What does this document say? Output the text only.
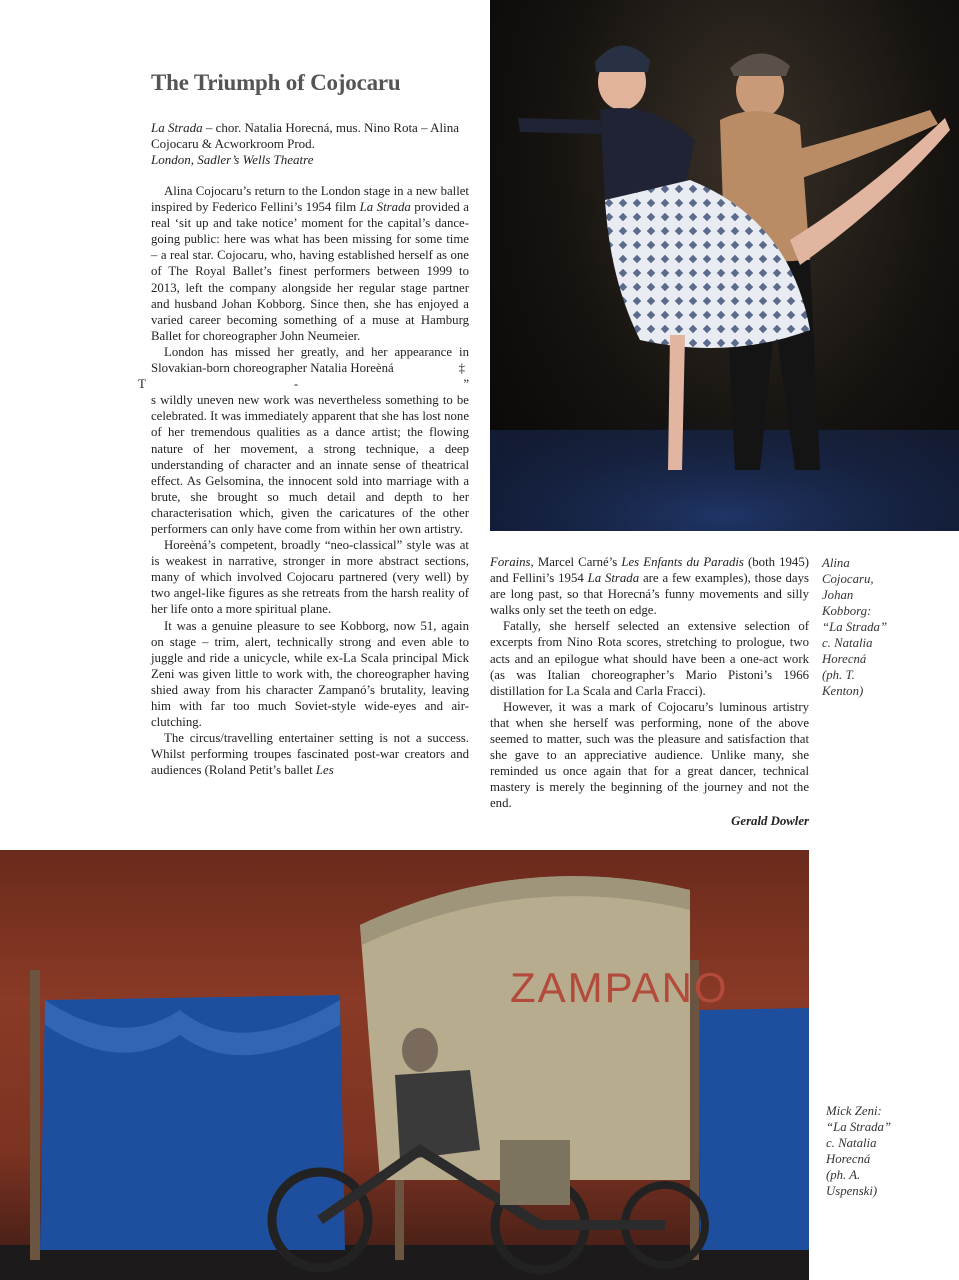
The Triumph of Cojocaru
La Strada – chor. Natalia Horecná, mus. Nino Rota – Alina Cojocaru & Acworkroom Prod.
London, Sadler’s Wells Theatre

Alina Cojocaru’s return to the London stage in a new ballet inspired by Federico Fellini’s 1954 film La Strada provided a real ‘sit up and take notice’ moment for the capital’s dance-going public: here was what has been missing for some time – a real star. Cojocaru, who, having established herself as one of The Royal Ballet’s finest performers between 1999 to 2013, left the company alongside her regular stage partner and husband Johan Kobborg. Since then, she has enjoyed a varied career becoming something of a muse at Hamburg Ballet for choreographer John Neumeier.

London has missed her greatly, and her appearance in Slovakian-born choreographer Natalia Horeèná	‡

T	-	”

s wildly uneven new work was nevertheless something to be celebrated. It was immediately apparent that she has lost none of her tremendous qualities as a dance artist; the flowing nature of her movement, a strong technique, a deep understanding of character and an innate sense of theatrical effect. As Gelsomina, the innocent sold into marriage with a brute, she brought so much detail and depth to her characterisation which, given the caricatures of the other performers can only have come from within her own artistry.

Horeèná’s competent, broadly “neo-classical” style was at is weakest in narrative, stronger in more abstract sections, many of which involved Cojocaru partnered (very well) by two angel-like figures as she retreats from the harsh reality of her life onto a more spiritual plane.

It was a genuine pleasure to see Kobborg, now 51, again on stage – trim, alert, technically strong and even able to juggle and ride a unicycle, while ex-La Scala principal Mick Zeni was given little to work with, the choreographer having shied away from his character Zampanó’s brutality, leaving him with far too much Soviet-style wide-eyes and air-clutching.

The circus/travelling entertainer setting is not a success. Whilst performing troupes fascinated post-war creators and audiences (Roland Petit’s ballet Les

Forains, Marcel Carné’s Les Enfants du Paradis (both 1945) and Fellini’s 1954 La Strada are a few examples), those days are long past, so that Horecná’s funny movements and silly walks only set the teeth on edge.

Fatally, she herself selected an extensive selection of excerpts from Nino Rota scores, stretching to prologue, two acts and an epilogue what should have been a one-act work (as was Italian choreographer’s Mario Pistoni’s 1966 distillation for La Scala and Carla Fracci).

However, it was a mark of Cojocaru’s luminous artistry that when she herself was performing, none of the above seemed to matter, such was the pleasure and satisfaction that she gave to an appreciative audience. Unlike many, she reminded us once again that for a great dancer, technical mastery is merely the beginning of the journey and not the end.

Gerald Dowler
Alina
Cojocaru,
Johan
Kobborg:
“La Strada”
c. Natalia
Horecná
(ph. T.
Kenton)
Mick Zeni:
“La Strada”
c. Natalia
Horecná
(ph. A.
Uspenski)
ZAMPANO
